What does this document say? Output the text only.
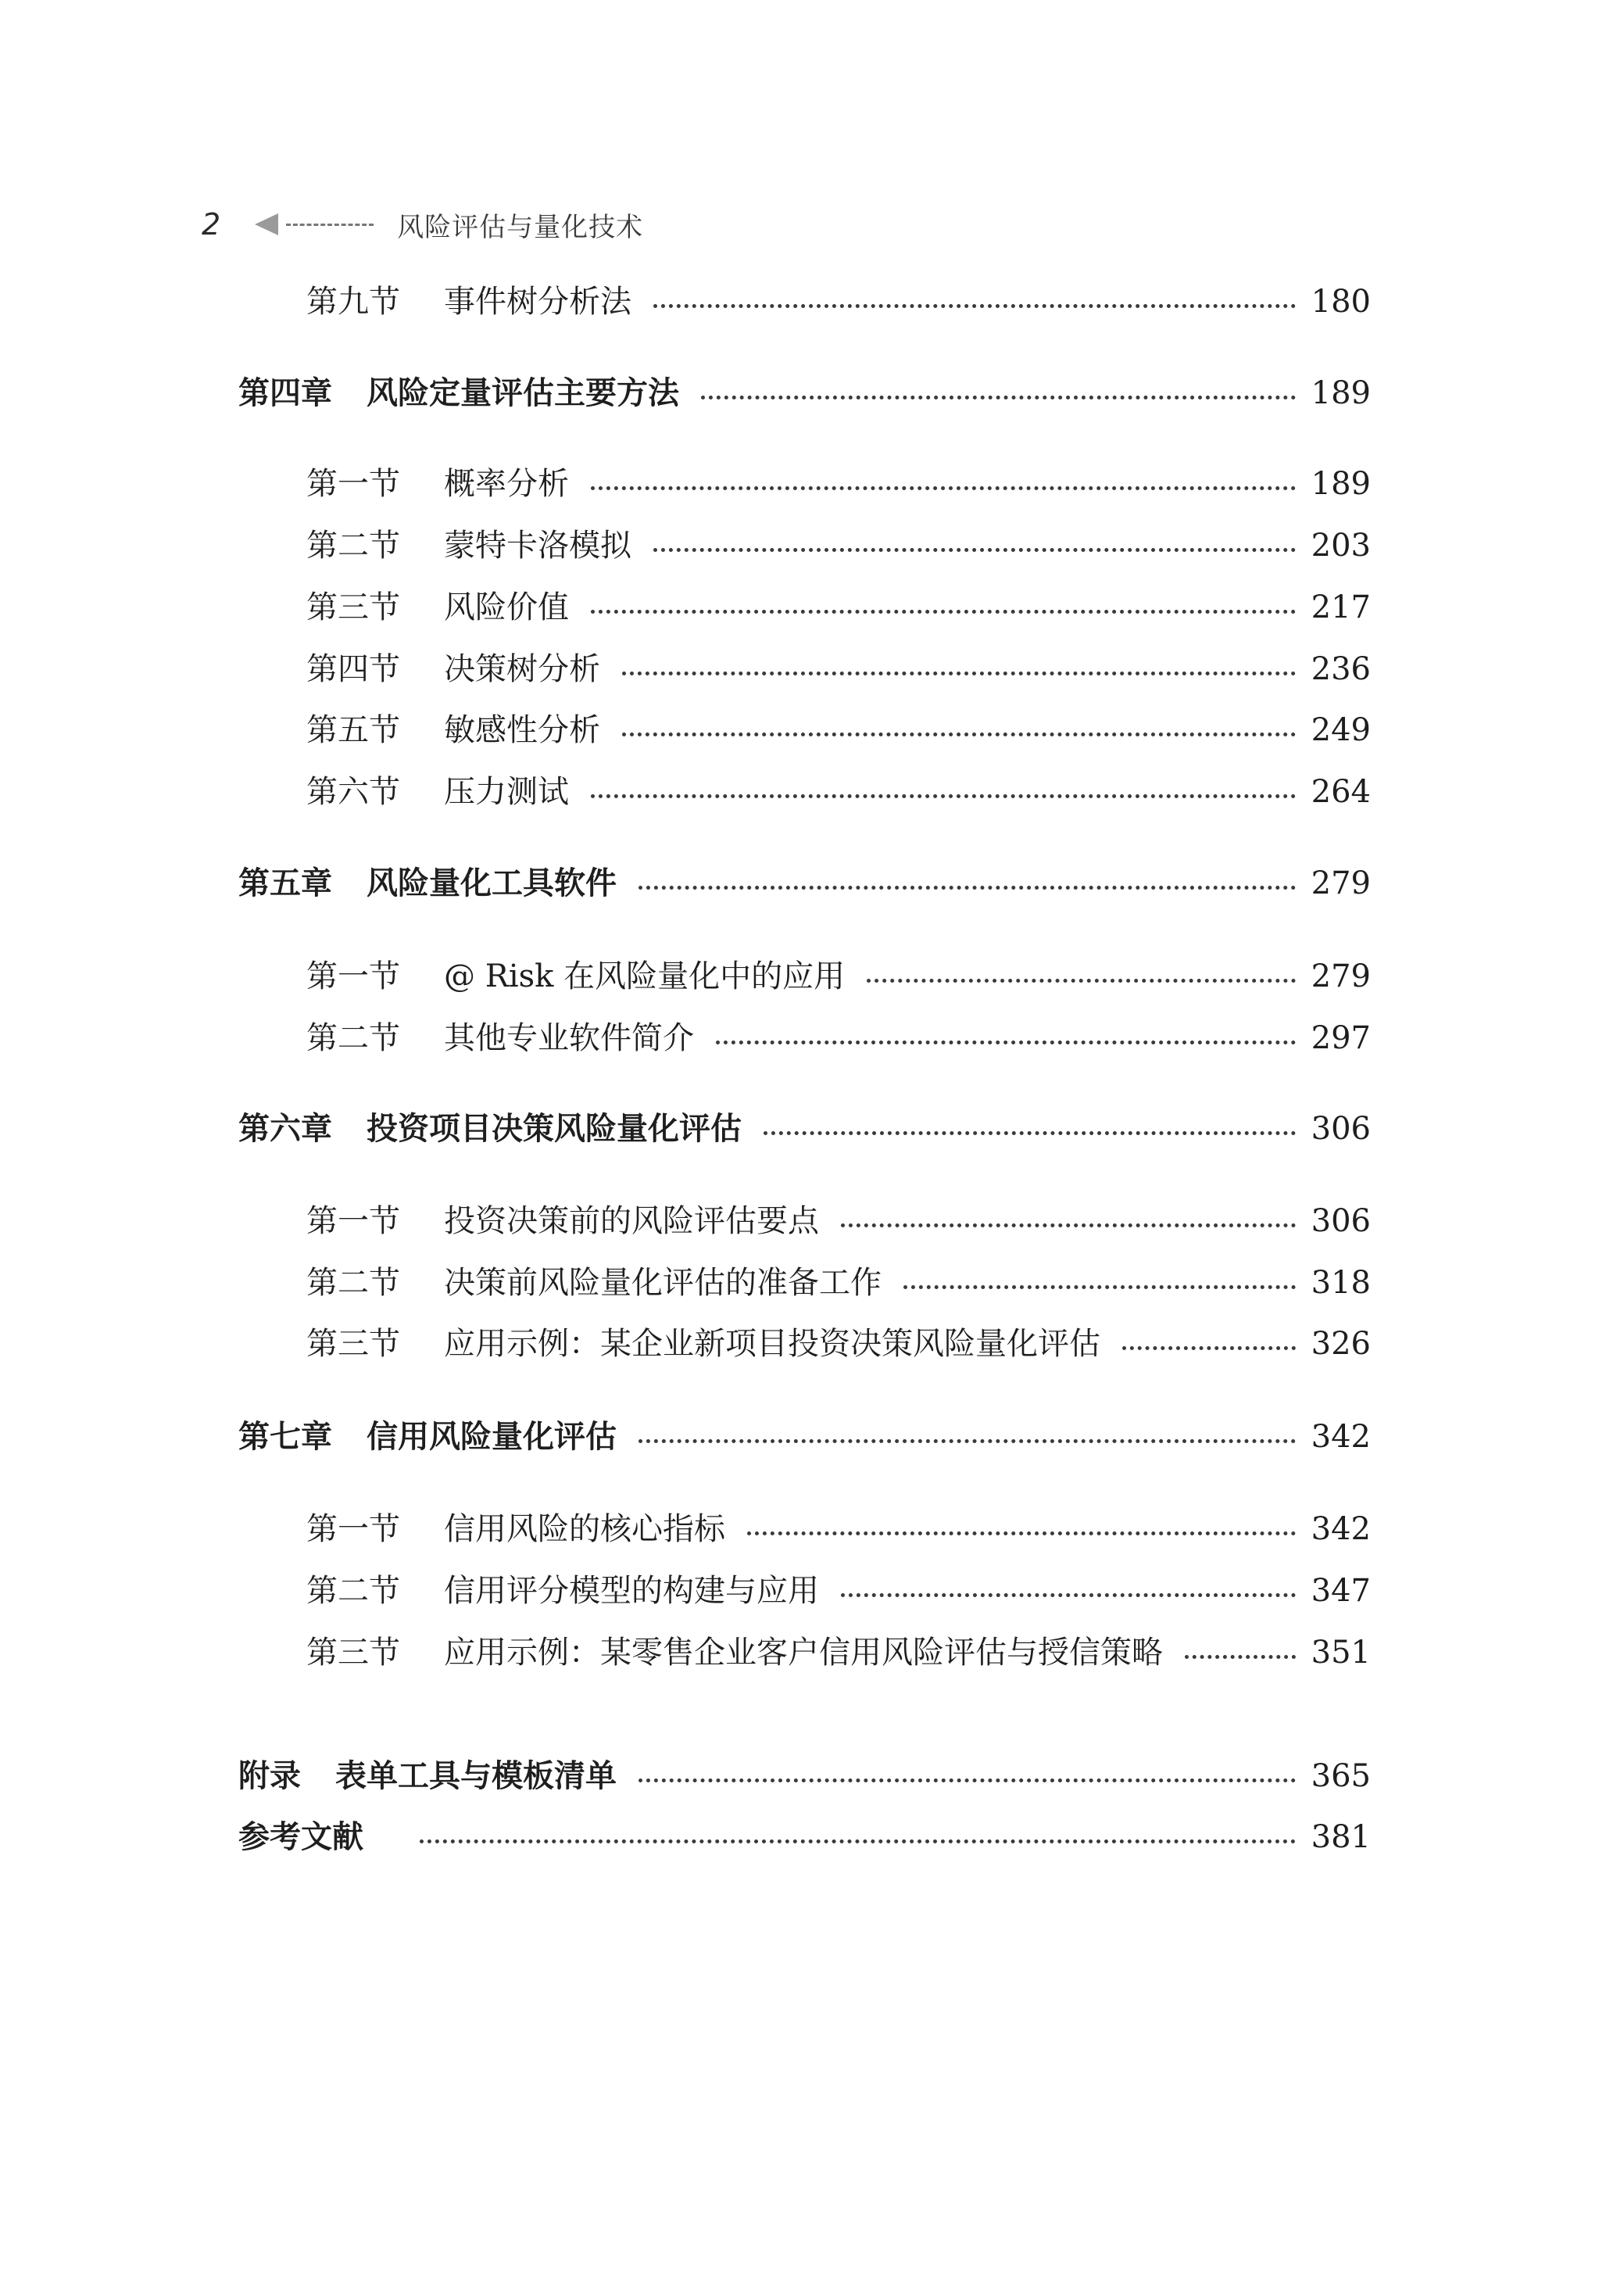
2	风险评估与量化技术
第九节	事件树分析法	180
第四章 风险定量评估主要方法	189
第一节	概率分析	189
第二节	蒙特卡洛模拟	203
第三节	风险价值	217
第四节	决策树分析	236
第五节	敏感性分析	249
第六节	压力测试	264
第五章 风险量化工具软件	279
第一节	@ Risk 在风险量化中的应用	279
第二节	其他专业软件简介	297
第六章 投资项目决策风险量化评估	306
第一节	投资决策前的风险评估要点	306
第二节	决策前风险量化评估的准备工作	318
第三节	应用示例：某企业新项目投资决策风险量化评估	326
第七章 信用风险量化评估	342
第一节	信用风险的核心指标	342
第二节	信用评分模型的构建与应用	347
第三节	应用示例：某零售企业客户信用风险评估与授信策略	351
附录 表单工具与模板清单	365
参考文献	381
